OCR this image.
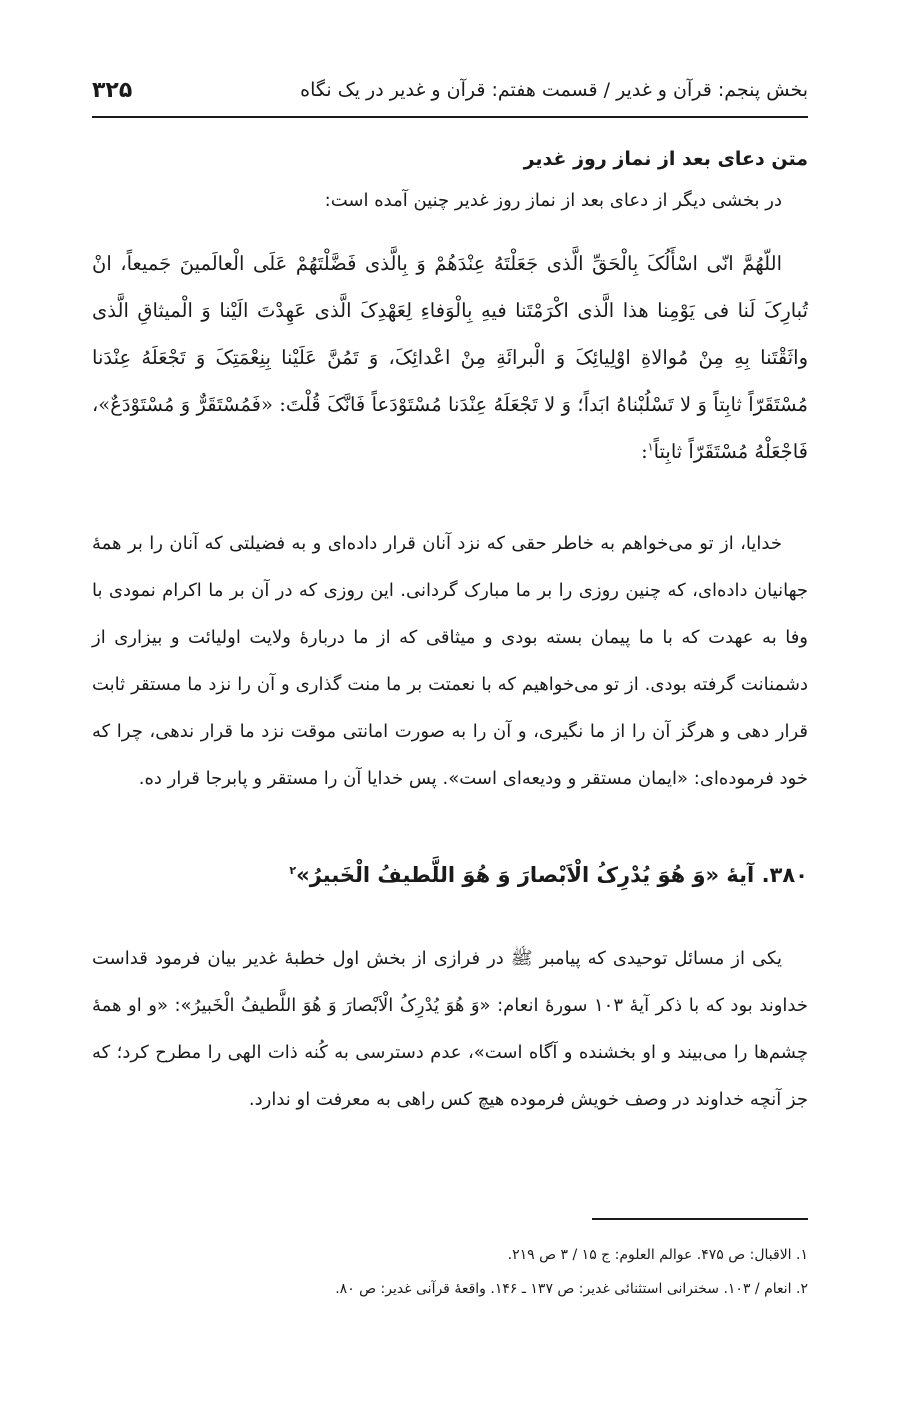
بخش پنجم: قرآن و غدیر / قسمت هفتم: قرآن و غدیر در یک نگاه
۳۲۵
متن دعای بعد از نماز روز غدیر
در بخشی دیگر از دعای بعد از نماز روز غدیر چنین آمده است:
اللّهُمَّ انّی اسْأَلُکَ بِالْحَقِّ الَّذی جَعَلْتَهُ عِنْدَهُمْ وَ بِالَّذی فَضَّلْتَهُمْ عَلَی الْعالَمینَ جَمیعاً، انْ تُبارِکَ لَنا فی یَوْمِنا هذا الَّذی اکْرَمْتَنا فیهِ بِالْوَفاءِ لِعَهْدِکَ الَّذی عَهِدْتَ الَیْنا وَ الْمیثاقِ الَّذی واثَقْتَنا بِهِ مِنْ مُوالاةِ اوْلِیائِکَ وَ الْبرائَةِ مِنْ اعْدائِکَ، وَ تَمُنَّ عَلَیْنا بِنِعْمَتِکَ وَ تَجْعَلَهُ عِنْدَنا مُسْتَقَرّاً ثابِتاً وَ لا تَسْلُبْناهُ ابَداً؛ وَ لا تَجْعَلَهُ عِنْدَنا مُسْتَوْدَعاً فَانَّکَ قُلْتَ: «فَمُسْتَقَرٌّ وَ مُسْتَوْدَعٌ»، فَاجْعَلْهُ مُسْتَقَرّاً ثابِتاً$^۱$:
خدایا، از تو می‌خواهم به خاطر حقی که نزد آنان قرار داده‌ای و به فضیلتی که آنان را بر همهٔ جهانیان داده‌ای، که چنین روزی را بر ما مبارک گردانی. این روزی که در آن بر ما اکرام نمودی با وفا به عهدت که با ما پیمان بسته بودی و میثاقی که از ما دربارهٔ ولایت اولیائت و بیزاری از دشمنانت گرفته بودی. از تو می‌خواهیم که با نعمتت بر ما منت گذاری و آن را نزد ما مستقر ثابت قرار دهی و هرگز آن را از ما نگیری، و آن را به صورت امانتی موقت نزد ما قرار ندهی، چرا که خود فرموده‌ای: «ایمان مستقر و ودیعه‌ای است». پس خدایا آن را مستقر و پابرجا قرار ده.
۳۸۰. آیهٔ «وَ هُوَ یُدْرِکُ الْاَبْصارَ وَ هُوَ اللَّطیفُ الْخَبیرُ»$^۲$
یکی از مسائل توحیدی که پیامبر ﷺ در فرازی از بخش اول خطبهٔ غدیر بیان فرمود قداست خداوند بود که با ذکر آیهٔ ۱۰۳ سورهٔ انعام: «وَ هُوَ یُدْرِکُ الْاَبْصارَ وَ هُوَ اللَّطیفُ الْخَبیرُ»: «و او همهٔ چشم‌ها را می‌بیند و او بخشنده و آگاه است»، عدم دسترسی به کُنه ذات الهی را مطرح کرد؛ که جز آنچه خداوند در وصف خویش فرموده هیچ کس راهی به معرفت او ندارد.
۱. الاقبال: ص ۴۷۵. عوالم العلوم: ج ۱۵ / ۳ ص ۲۱۹.
۲. انعام / ۱۰۳. سخنرانی استثنائی غدیر: ص ۱۳۷ ـ ۱۴۶. واقعهٔ قرآنی غدیر: ص ۸۰.
